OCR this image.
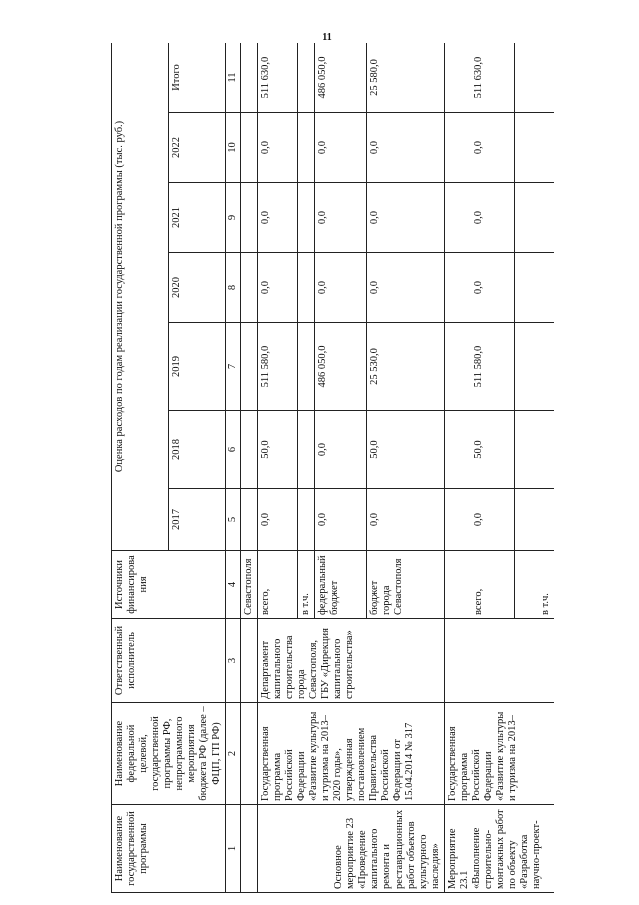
11
Наименование государственной программы	Наименование федеральной целевой, государственной программы РФ, непрограммного мероприятия бюджета РФ (далее – ФЦП, ГП РФ)	Ответственный исполнитель	Источники финансирования	Оценка расходов по годам реализации государственной программы (тыс. руб.)						
				2017	2018	2019	2020	2021	2022	Итого
1	2	3	4	5	6	7	8	9	10	11
			Севастополя							
Основное мероприятие 23 «Проведение капитального ремонта и реставрационных работ объектов культурного наследия»	Государственная программа Российской Федерации «Развитие культуры и туризма на 2013–2020 годы», утвержденная постановлением Правительства Российской Федерации от 15.04.2014 № 317	Департамент капитального строительства города Севастополя, ГБУ «Дирекция капитального строительства»	всего,	0,0	50,0	511 580,0	0,0	0,0	0,0	511 630,0
			в т.ч.							
			федеральный бюджет	0,0	0,0	486 050,0	0,0	0,0	0,0	486 050,0
			бюджет города Севастополя	0,0	50,0	25 530,0	0,0	0,0	0,0	25 580,0
Мероприятие 23.1 «Выполнение строительно-монтажных работ по объекту «Разработка научно-проект-	Государственная программа Российской Федерации «Развитие культуры и туризма на 2013–		всего,	0,0	50,0	511 580,0	0,0	0,0	0,0	511 630,0
			в т.ч.							
